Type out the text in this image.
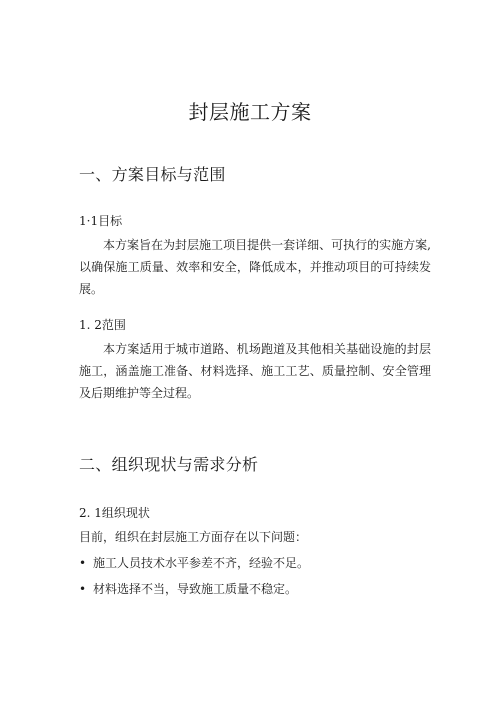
封层施工方案
一、方案目标与范围
1·1目标

本方案旨在为封层施工项目提供一套详细、可执行的实施方案,以确保施工质量、效率和安全，降低成本，并推动项目的可持续发展。

1. 2范围

本方案适用于城市道路、机场跑道及其他相关基础设施的封层施工，涵盖施工准备、材料选择、施工工艺、质量控制、安全管理及后期维护等全过程。

二、组织现状与需求分析
2. 1组织现状

目前，组织在封层施工方面存在以下问题：

• 施工人员技术水平参差不齐，经验不足。

• 材料选择不当，导致施工质量不稳定。
